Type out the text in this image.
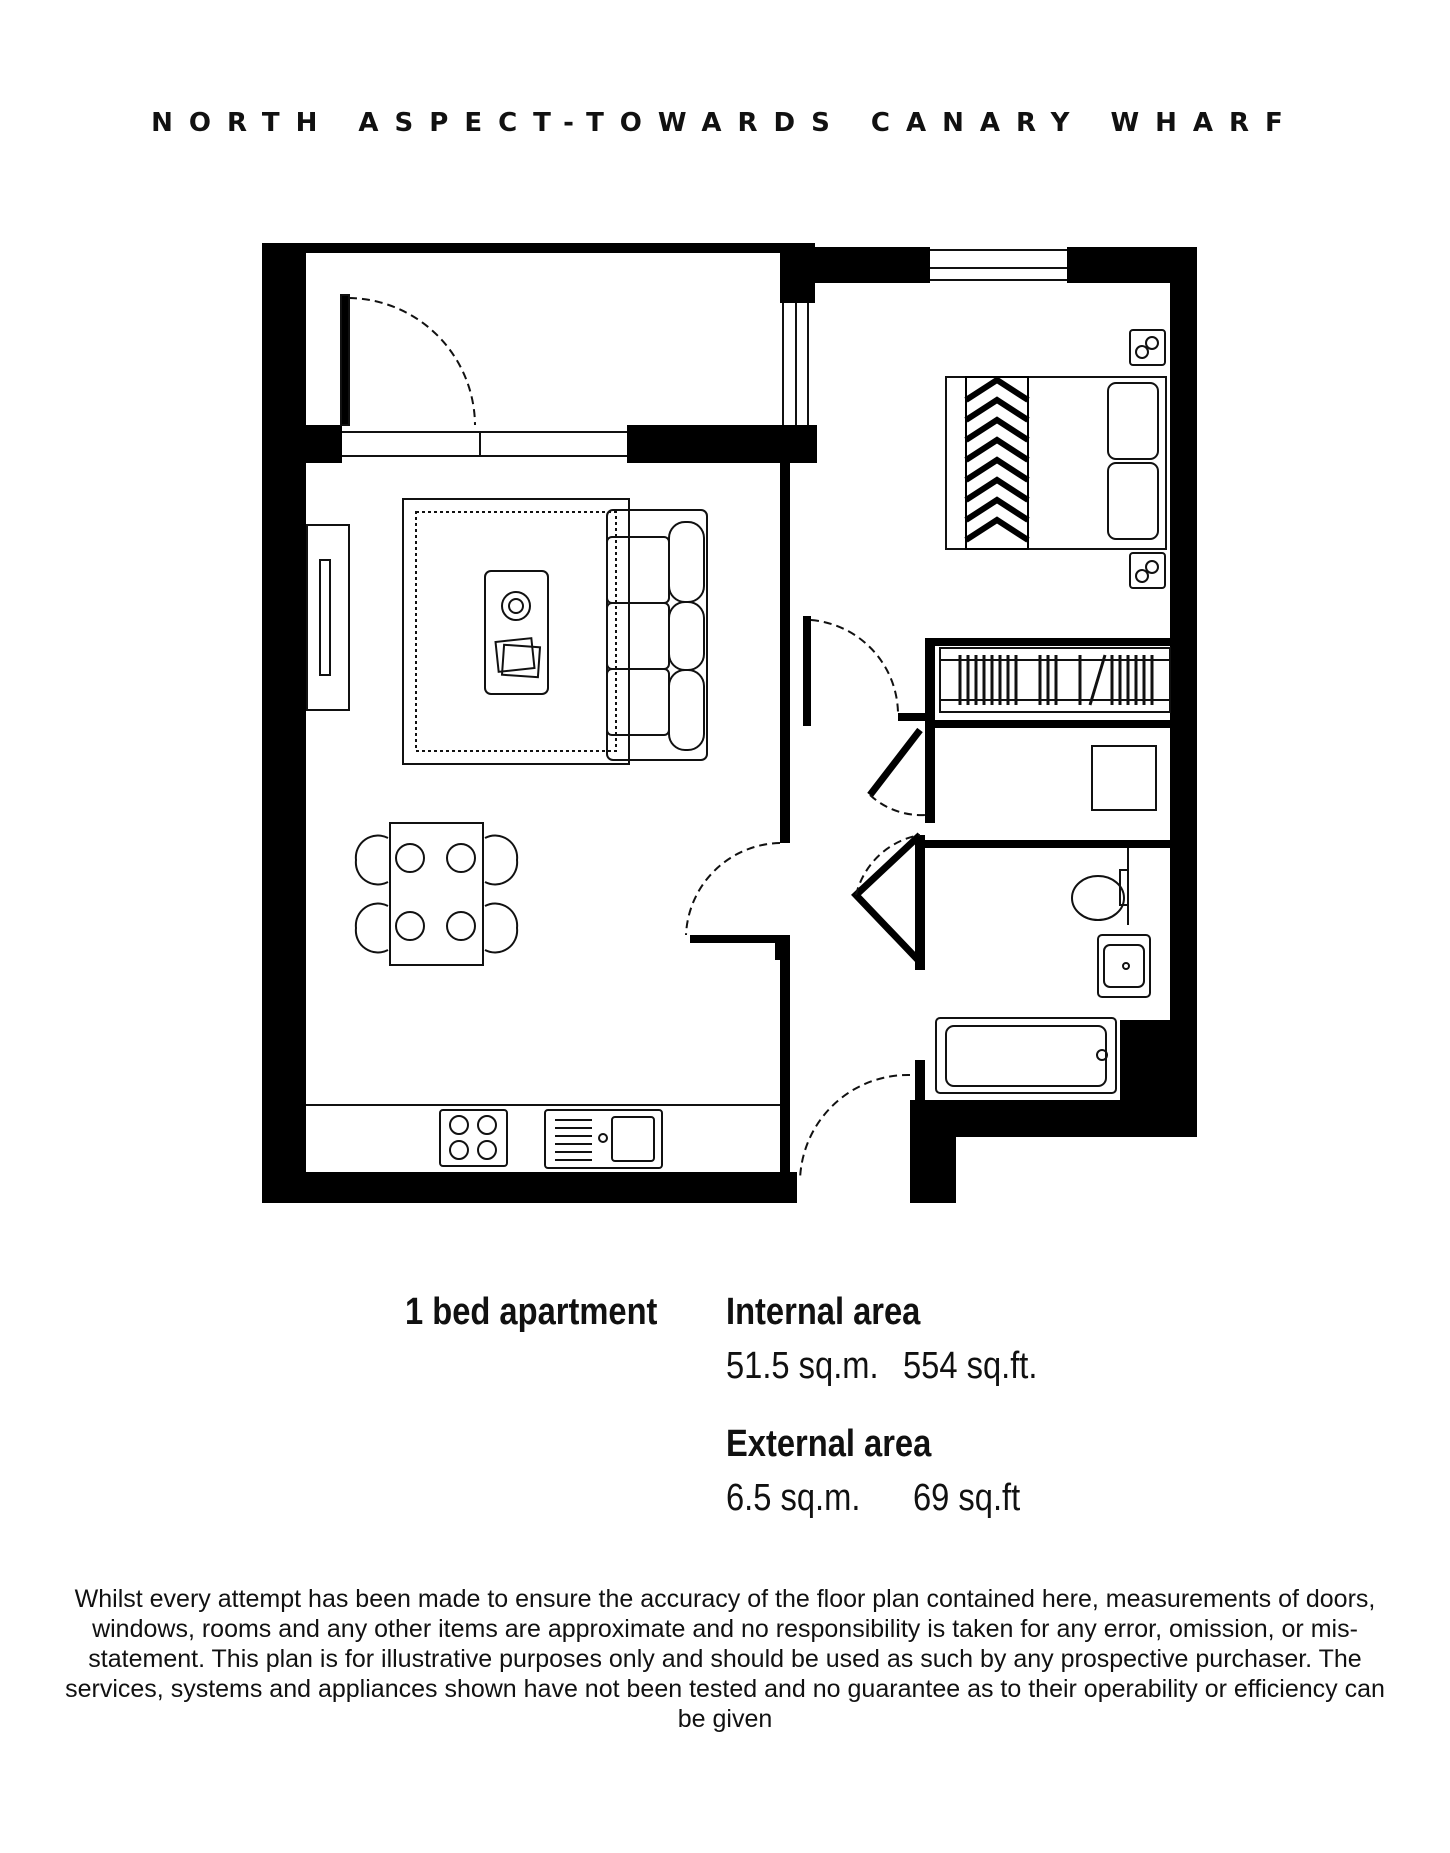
NORTH ASPECT-TOWARDS CANARY WHARF
1 bed apartment Internal area
51.5 sq.m. 554 sq.ft.
External area
6.5 sq.m. 69 sq.ft
Whilst every attempt has been made to ensure the accuracy of the floor plan contained here, measurements of doors, windows, rooms and any other items are approximate and no responsibility is taken for any error, omission, or mis-statement. This plan is for illustrative purposes only and should be used as such by any prospective purchaser. The services, systems and appliances shown have not been tested and no guarantee as to their operability or efficiency can be given
